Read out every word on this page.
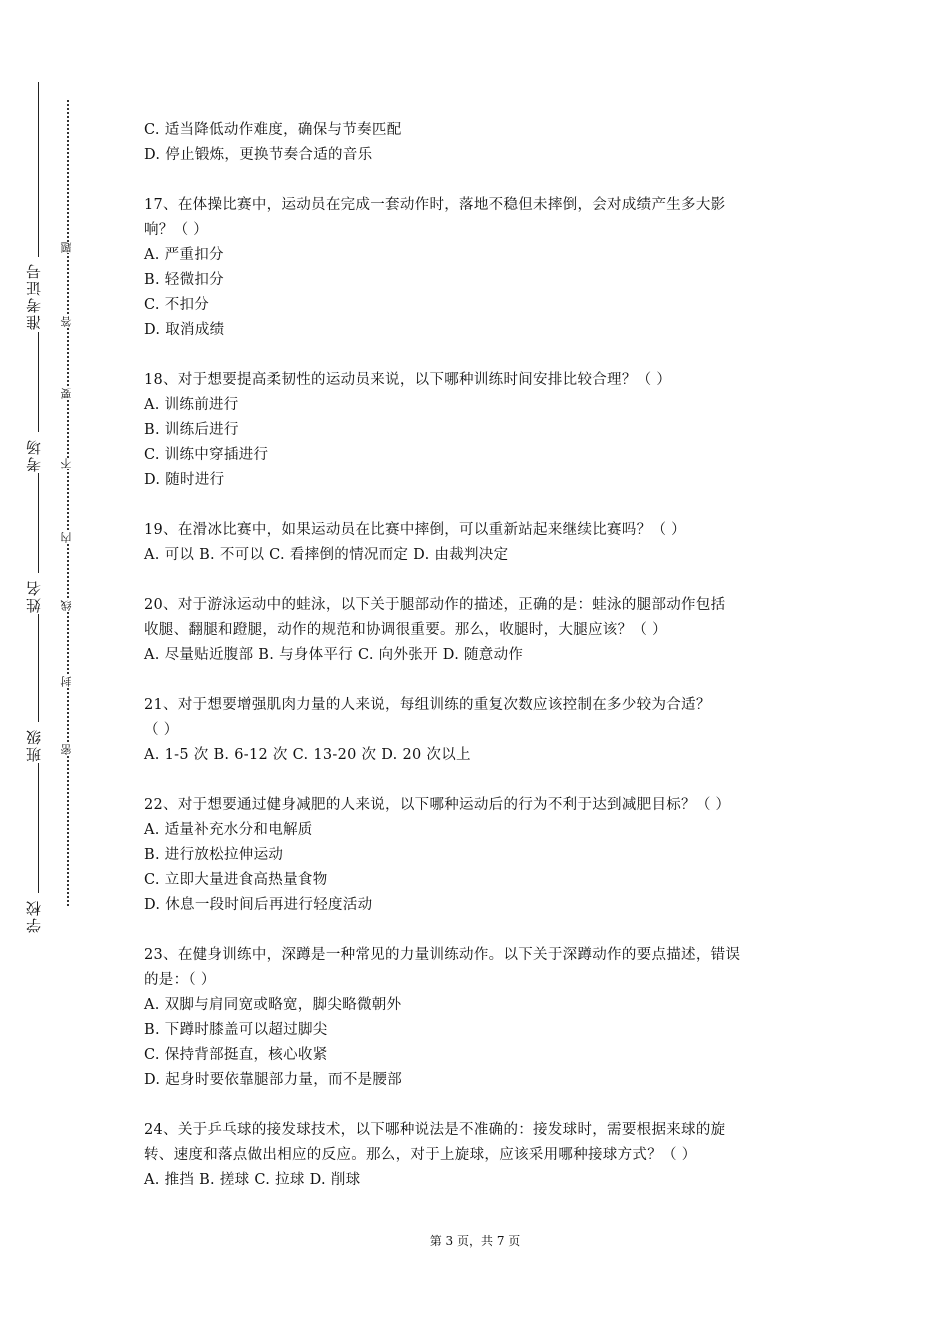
准考证号
考场
姓名
班级
学校
题
答
要
不
内
线
封
密
C. 适当降低动作难度，确保与节奏匹配
D. 停止锻炼，更换节奏合适的音乐
17、在体操比赛中，运动员在完成一套动作时，落地不稳但未摔倒，会对成绩产生多大影
响？（ ）
A. 严重扣分
B. 轻微扣分
C. 不扣分
D. 取消成绩
18、对于想要提高柔韧性的运动员来说，以下哪种训练时间安排比较合理？（ ）
A. 训练前进行
B. 训练后进行
C. 训练中穿插进行
D. 随时进行
19、在滑冰比赛中，如果运动员在比赛中摔倒，可以重新站起来继续比赛吗？（ ）
A. 可以 B. 不可以 C. 看摔倒的情况而定 D. 由裁判决定
20、对于游泳运动中的蛙泳，以下关于腿部动作的描述，正确的是：蛙泳的腿部动作包括
收腿、翻腿和蹬腿，动作的规范和协调很重要。那么，收腿时，大腿应该？（ ）
A. 尽量贴近腹部 B. 与身体平行 C. 向外张开 D. 随意动作
21、对于想要增强肌肉力量的人来说，每组训练的重复次数应该控制在多少较为合适？
（ ）
A. 1-5 次 B. 6-12 次 C. 13-20 次 D. 20 次以上
22、对于想要通过健身减肥的人来说，以下哪种运动后的行为不利于达到减肥目标？（ ）
A. 适量补充水分和电解质
B. 进行放松拉伸运动
C. 立即大量进食高热量食物
D. 休息一段时间后再进行轻度活动
23、在健身训练中，深蹲是一种常见的力量训练动作。以下关于深蹲动作的要点描述，错误
的是：（ ）
A. 双脚与肩同宽或略宽，脚尖略微朝外
B. 下蹲时膝盖可以超过脚尖
C. 保持背部挺直，核心收紧
D. 起身时要依靠腿部力量，而不是腰部
24、关于乒乓球的接发球技术，以下哪种说法是不准确的：接发球时，需要根据来球的旋
转、速度和落点做出相应的反应。那么，对于上旋球，应该采用哪种接球方式？（ ）
A. 推挡 B. 搓球 C. 拉球 D. 削球
第 3 页，共 7 页
